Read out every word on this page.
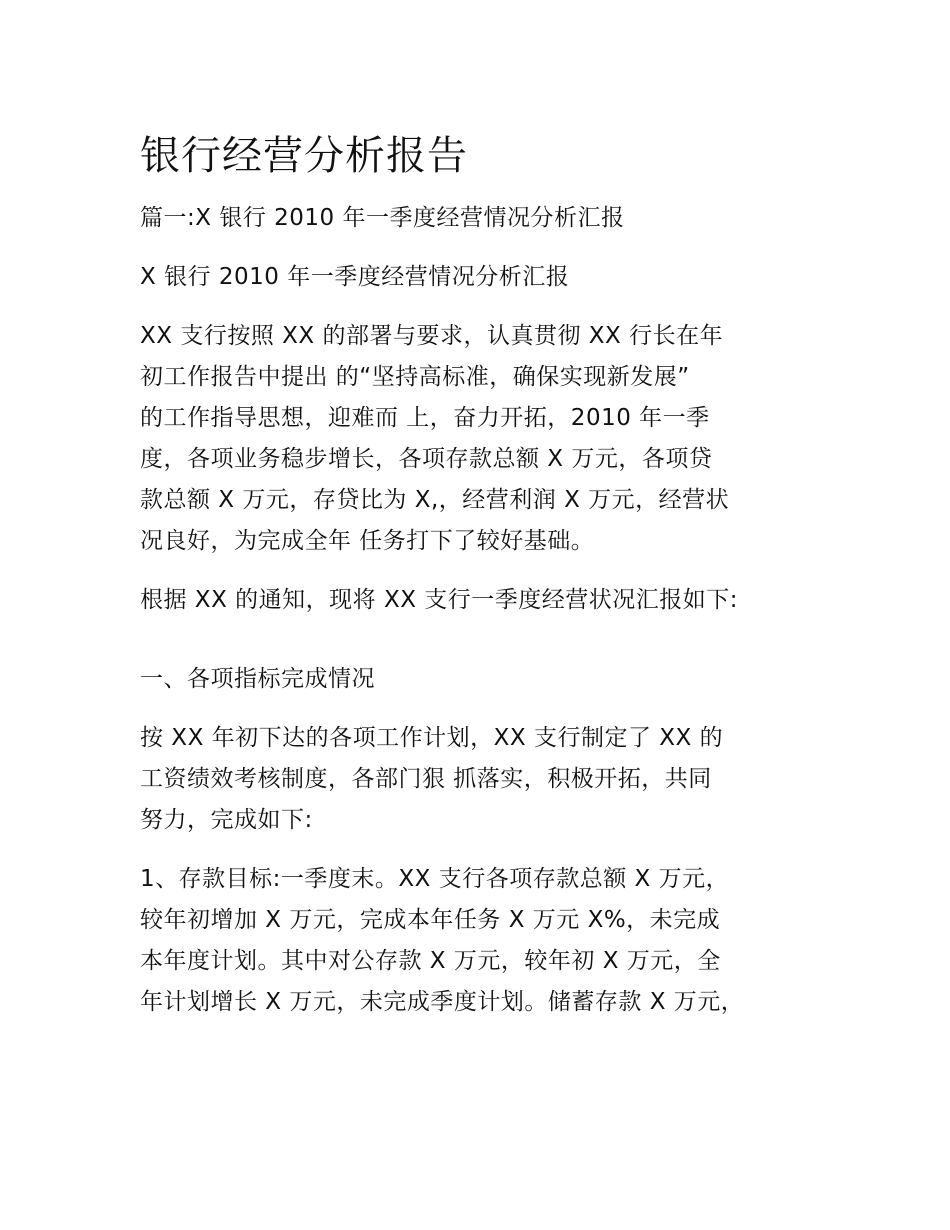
银行经营分析报告

篇一:X 银行 2010 年一季度经营情况分析汇报

X 银行 2010 年一季度经营情况分析汇报

XX 支行按照 XX 的部署与要求，认真贯彻 XX 行长在年
初工作报告中提出 的“坚持高标准，确保实现新发展”
的工作指导思想，迎难而 上，奋力开拓，2010 年一季
度，各项业务稳步增长，各项存款总额 X 万元，各项贷
款总额 X 万元，存贷比为 X,，经营利润 X 万元，经营状
况良好，为完成全年 任务打下了较好基础。

根据 XX 的通知，现将 XX 支行一季度经营状况汇报如下:

一、各项指标完成情况

按 XX 年初下达的各项工作计划，XX 支行制定了 XX 的
工资绩效考核制度，各部门狠 抓落实，积极开拓，共同
努力，完成如下:

1、存款目标:一季度末。XX 支行各项存款总额 X 万元，
较年初增加 X 万元，完成本年任务 X 万元 X%，未完成
本年度计划。其中对公存款 X 万元，较年初 X 万元，全
年计划增长 X 万元，未完成季度计划。储蓄存款 X 万元，
